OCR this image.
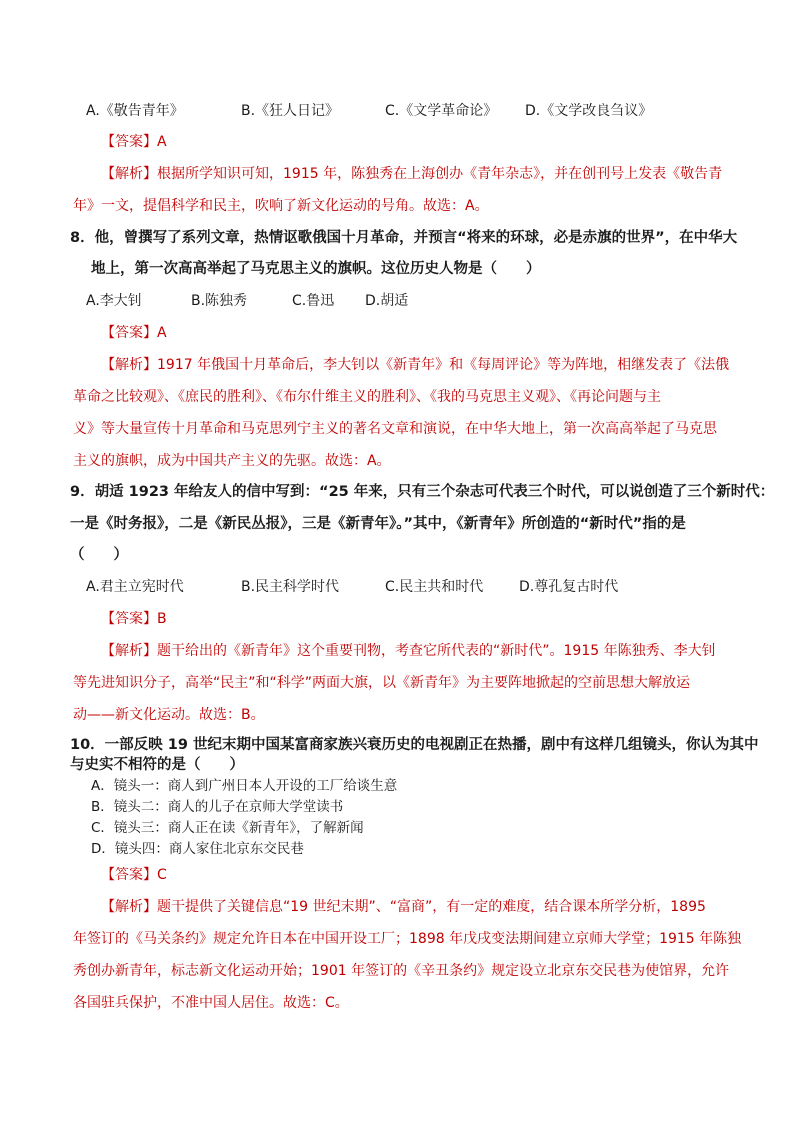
A.《敬告青年》	B.《狂人日记》	C.《文学革命论》 D.《文学改良刍议》
【答案】A
【解析】根据所学知识可知，1915 年，陈独秀在上海创办《青年杂志》，并在创刊号上发表《敬告青
年》一文，提倡科学和民主，吹响了新文化运动的号角。故选：A。
8．他，曾撰写了系列文章，热情讴歌俄国十月革命，并预言“将来的环球，必是赤旗的世界”，在中华大
地上，第一次高高举起了马克思主义的旗帜。这位历史人物是（　　）
A.李大钊	B.陈独秀	C.鲁迅 D.胡适
【答案】A
【解析】1917 年俄国十月革命后，李大钊以《新青年》和《每周评论》等为阵地，相继发表了《法俄
革命之比较观》、《庶民的胜利》、《布尔什维主义的胜利》、《我的马克思主义观》、《再论问题与主
义》等大量宣传十月革命和马克思列宁主义的著名文章和演说，在中华大地上，第一次高高举起了马克思
主义的旗帜，成为中国共产主义的先驱。故选：A。
9．胡适 1923 年给友人的信中写到：“25 年来，只有三个杂志可代表三个时代，可以说创造了三个新时代：
一是《时务报》，二是《新民丛报》，三是《新青年》。”其中，《新青年》所创造的“新时代”指的是
（　　）
A.君主立宪时代	B.民主科学时代	C.民主共和时代	D.尊孔复古时代
【答案】B
【解析】题干给出的《新青年》这个重要刊物，考查它所代表的“新时代”。1915 年陈独秀、李大钊
等先进知识分子，高举“民主”和“科学”两面大旗，以《新青年》为主要阵地掀起的空前思想大解放运
动——新文化运动。故选：B。
10．一部反映 19 世纪末期中国某富商家族兴衰历史的电视剧正在热播，剧中有这样几组镜头，你认为其中
与史实不相符的是（　　）
A．镜头一：商人到广州日本人开设的工厂给谈生意
B．镜头二：商人的儿子在京师大学堂读书
C．镜头三：商人正在读《新青年》，了解新闻
D．镜头四：商人家住北京东交民巷
【答案】C
【解析】题干提供了关键信息“19 世纪末期”、“富商”，有一定的难度，结合课本所学分析，1895
年签订的《马关条约》规定允许日本在中国开设工厂；1898 年戊戌变法期间建立京师大学堂；1915 年陈独
秀创办新青年，标志新文化运动开始；1901 年签订的《辛丑条约》规定设立北京东交民巷为使馆界，允许
各国驻兵保护，不准中国人居住。故选：C。
